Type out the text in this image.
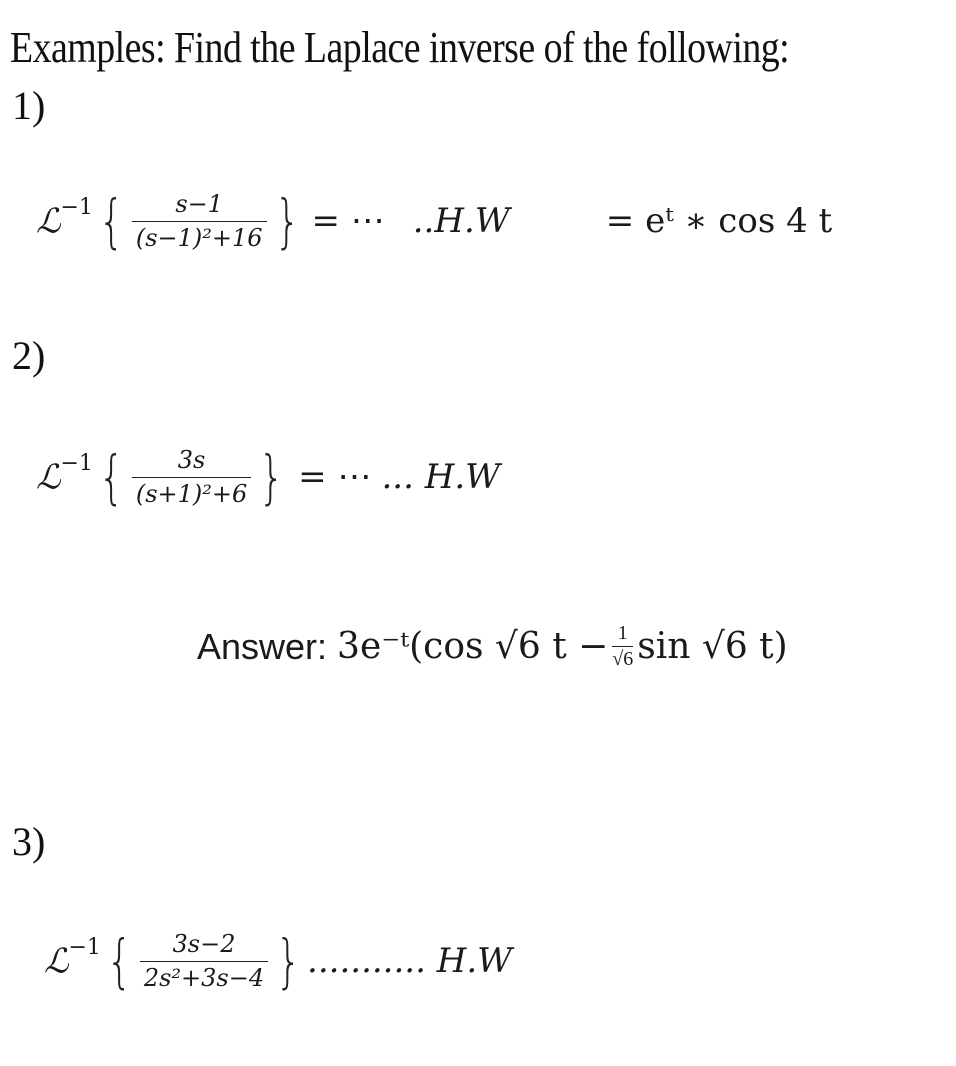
Examples: Find the Laplace inverse of the following:
1)
ℒ$^{-1}$ { $\frac{s-1}{\text{(s−1)²+16}}$ } = ⋯ ..H.W	= eᵗ ∗ cos 4 t
2)
ℒ$^{-1}$ { $\frac{3s}{\text{(s+1)²+6}}$ } = ⋯ ... H.W
Answer: 3e⁻ᵗ(cos √6 $t - \frac{1}{√6}$ sin √6 t)
3)
ℒ$^{-1}$ { $\frac{3s-2}{\text{2s²+3s−4}}$ } ........... H.W
